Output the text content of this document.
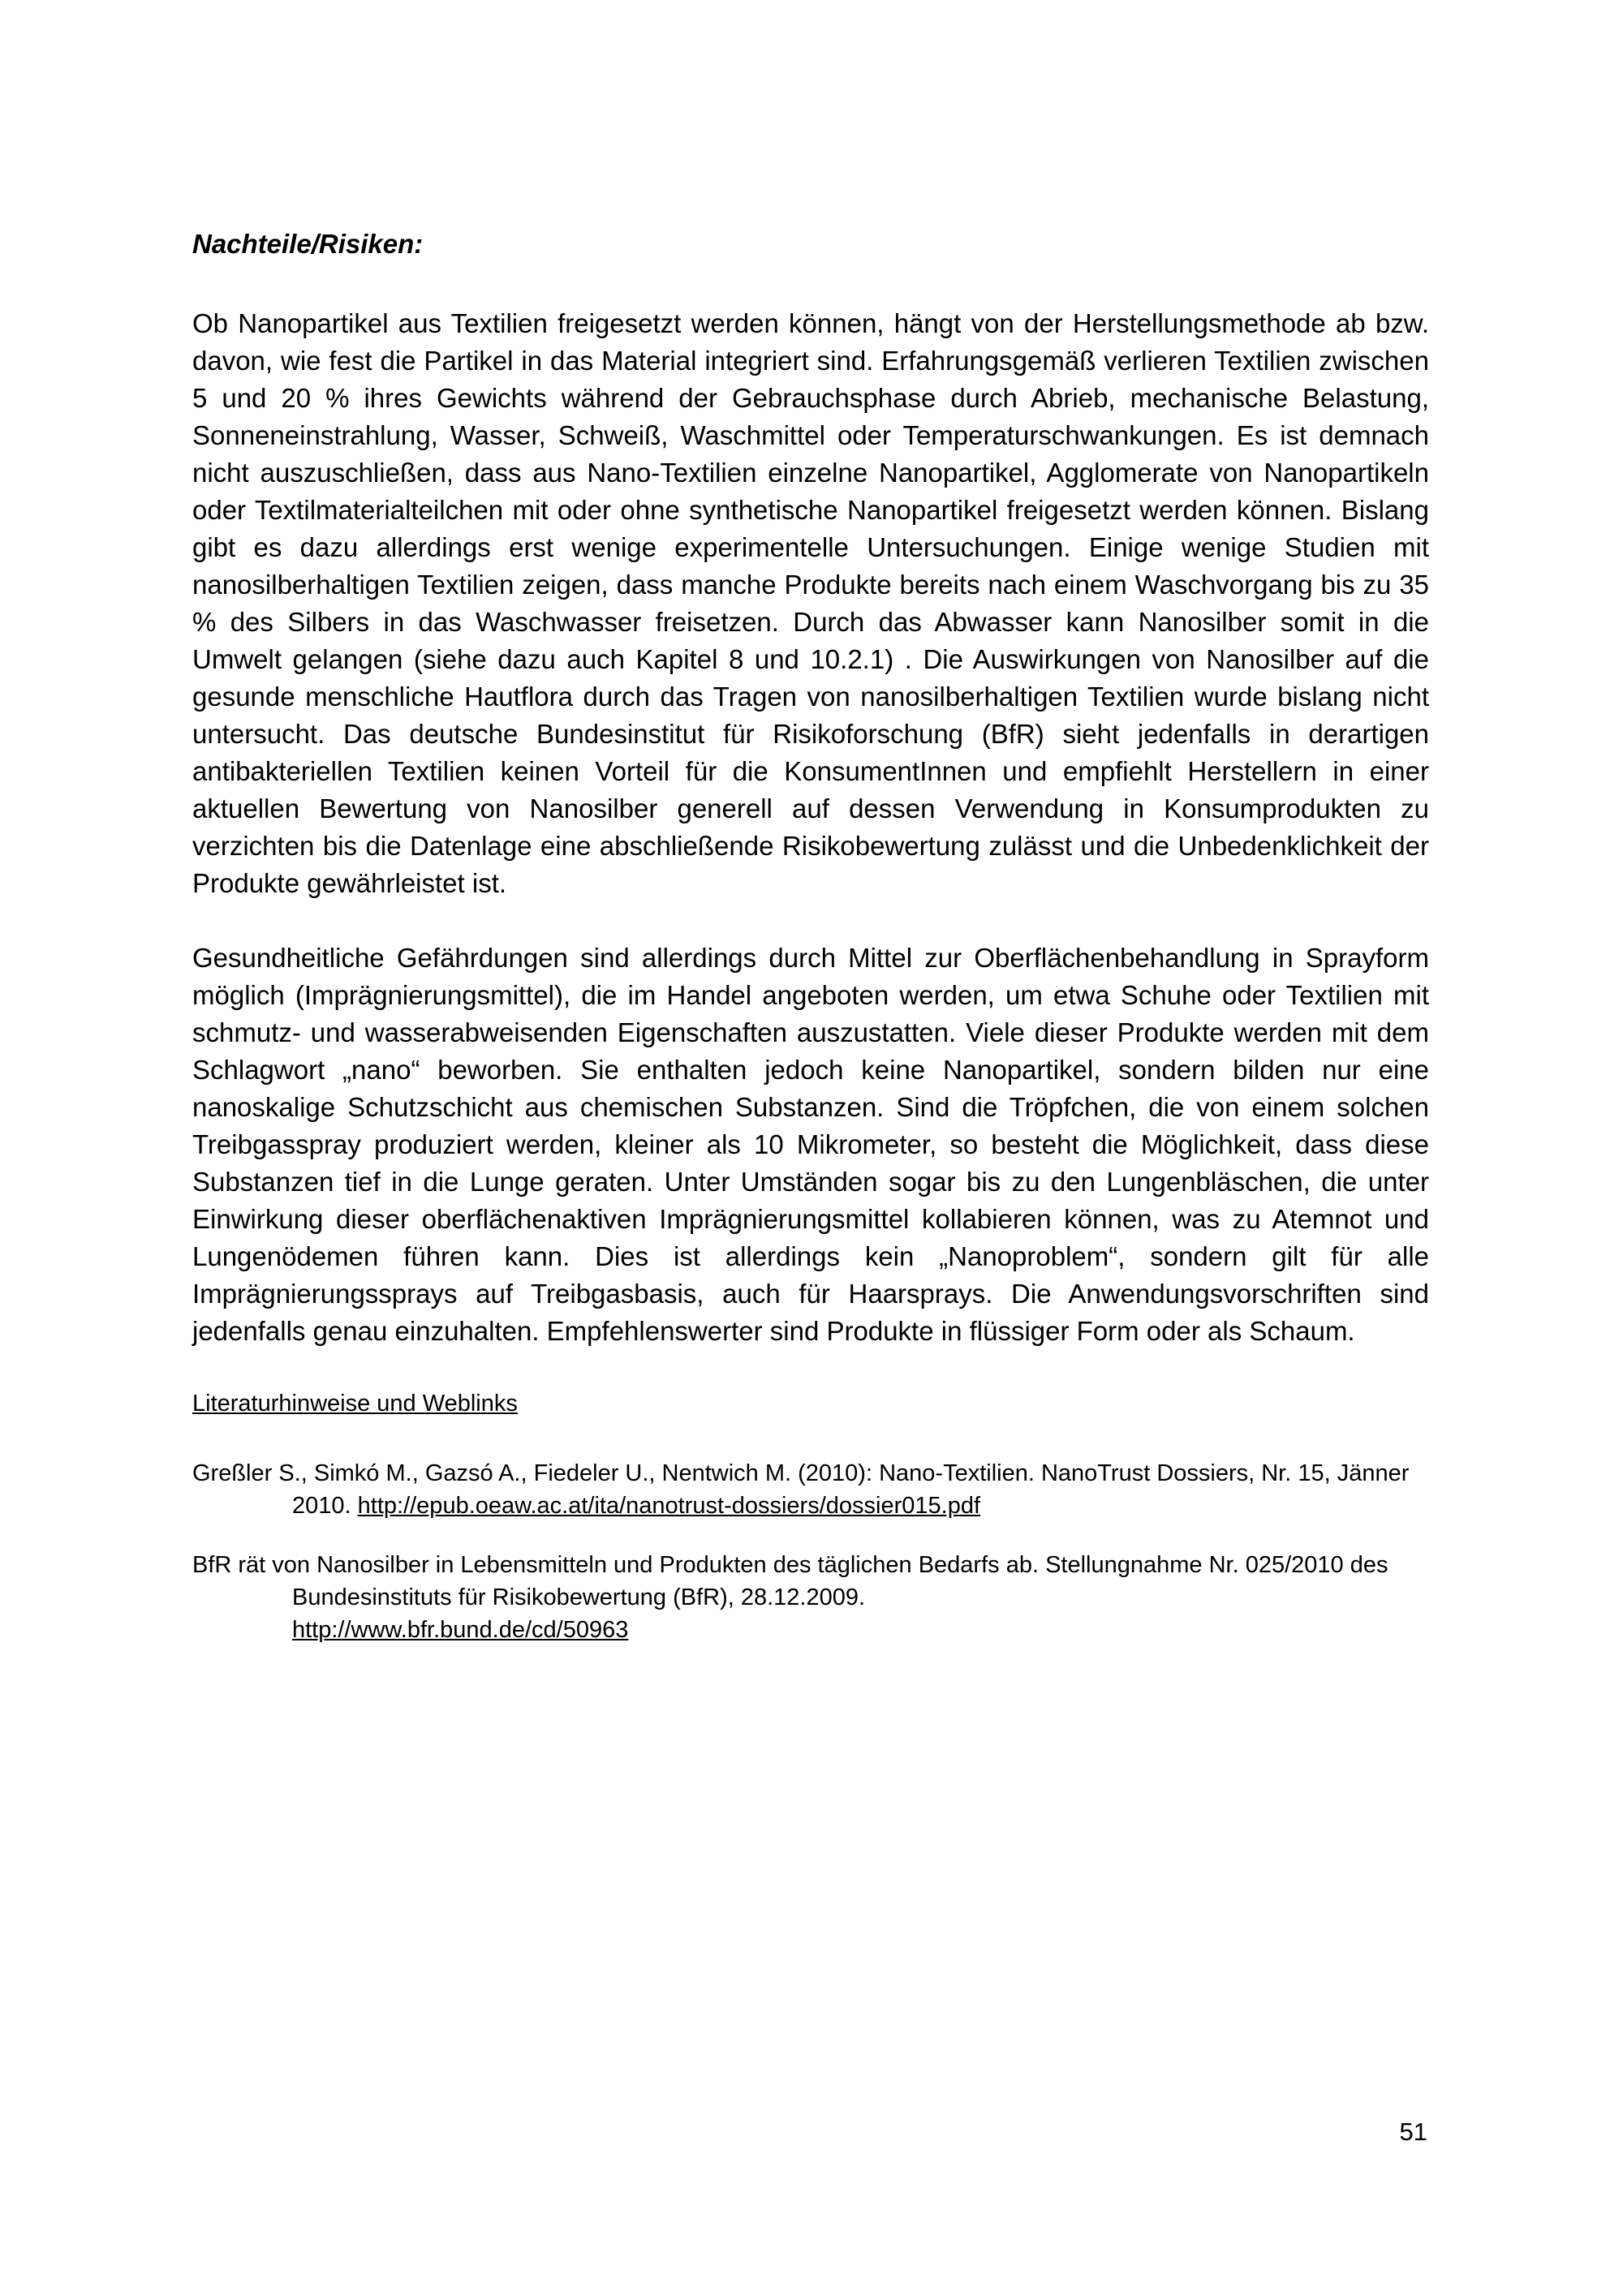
Nachteile/Risiken:

Ob Nanopartikel aus Textilien freigesetzt werden können, hängt von der Herstellungsmethode ab bzw. davon, wie fest die Partikel in das Material integriert sind. Erfahrungsgemäß verlieren Textilien zwischen 5 und 20 % ihres Gewichts während der Gebrauchsphase durch Abrieb, mechanische Belastung, Sonneneinstrahlung, Wasser, Schweiß, Waschmittel oder Temperaturschwankungen. Es ist demnach nicht auszuschließen, dass aus Nano-Textilien einzelne Nanopartikel, Agglomerate von Nanopartikeln oder Textilmaterialteilchen mit oder ohne synthetische Nanopartikel freigesetzt werden können. Bislang gibt es dazu allerdings erst wenige experimentelle Untersuchungen. Einige wenige Studien mit nanosilberhaltigen Textilien zeigen, dass manche Produkte bereits nach einem Waschvorgang bis zu 35 % des Silbers in das Waschwasser freisetzen. Durch das Abwasser kann Nanosilber somit in die Umwelt gelangen (siehe dazu auch Kapitel 8 und 10.2.1) . Die Auswirkungen von Nanosilber auf die gesunde menschliche Hautflora durch das Tragen von nanosilberhaltigen Textilien wurde bislang nicht untersucht. Das deutsche Bundesinstitut für Risikoforschung (BfR) sieht jedenfalls in derartigen antibakteriellen Textilien keinen Vorteil für die KonsumentInnen und empfiehlt Herstellern in einer aktuellen Bewertung von Nanosilber generell auf dessen Verwendung in Konsumprodukten zu verzichten bis die Datenlage eine abschließende Risikobewertung zulässt und die Unbedenklichkeit der Produkte gewährleistet ist.

Gesundheitliche Gefährdungen sind allerdings durch Mittel zur Oberflächenbehandlung in Sprayform möglich (Imprägnierungsmittel), die im Handel angeboten werden, um etwa Schuhe oder Textilien mit schmutz- und wasserabweisenden Eigenschaften auszustatten. Viele dieser Produkte werden mit dem Schlagwort „nano“ beworben. Sie enthalten jedoch keine Nanopartikel, sondern bilden nur eine nanoskalige Schutzschicht aus chemischen Substanzen. Sind die Tröpfchen, die von einem solchen Treibgasspray produziert werden, kleiner als 10 Mikrometer, so besteht die Möglichkeit, dass diese Substanzen tief in die Lunge geraten. Unter Umständen sogar bis zu den Lungenbläschen, die unter Einwirkung dieser oberflächenaktiven Imprägnierungsmittel kollabieren können, was zu Atemnot und Lungenödemen führen kann. Dies ist allerdings kein „Nanoproblem“, sondern gilt für alle Imprägnierungssprays auf Treibgasbasis, auch für Haarsprays. Die Anwendungsvorschriften sind jedenfalls genau einzuhalten. Empfehlenswerter sind Produkte in flüssiger Form oder als Schaum.

Literaturhinweise und Weblinks

Greßler S., Simkó M., Gazsó A., Fiedeler U., Nentwich M. (2010): Nano-Textilien. NanoTrust Dossiers, Nr. 15, Jänner 2010. http://epub.oeaw.ac.at/ita/nanotrust-dossiers/dossier015.pdf

BfR rät von Nanosilber in Lebensmitteln und Produkten des täglichen Bedarfs ab. Stellungnahme Nr. 025/2010 des Bundesinstituts für Risikobewertung (BfR), 28.12.2009.
http://www.bfr.bund.de/cd/50963

51
